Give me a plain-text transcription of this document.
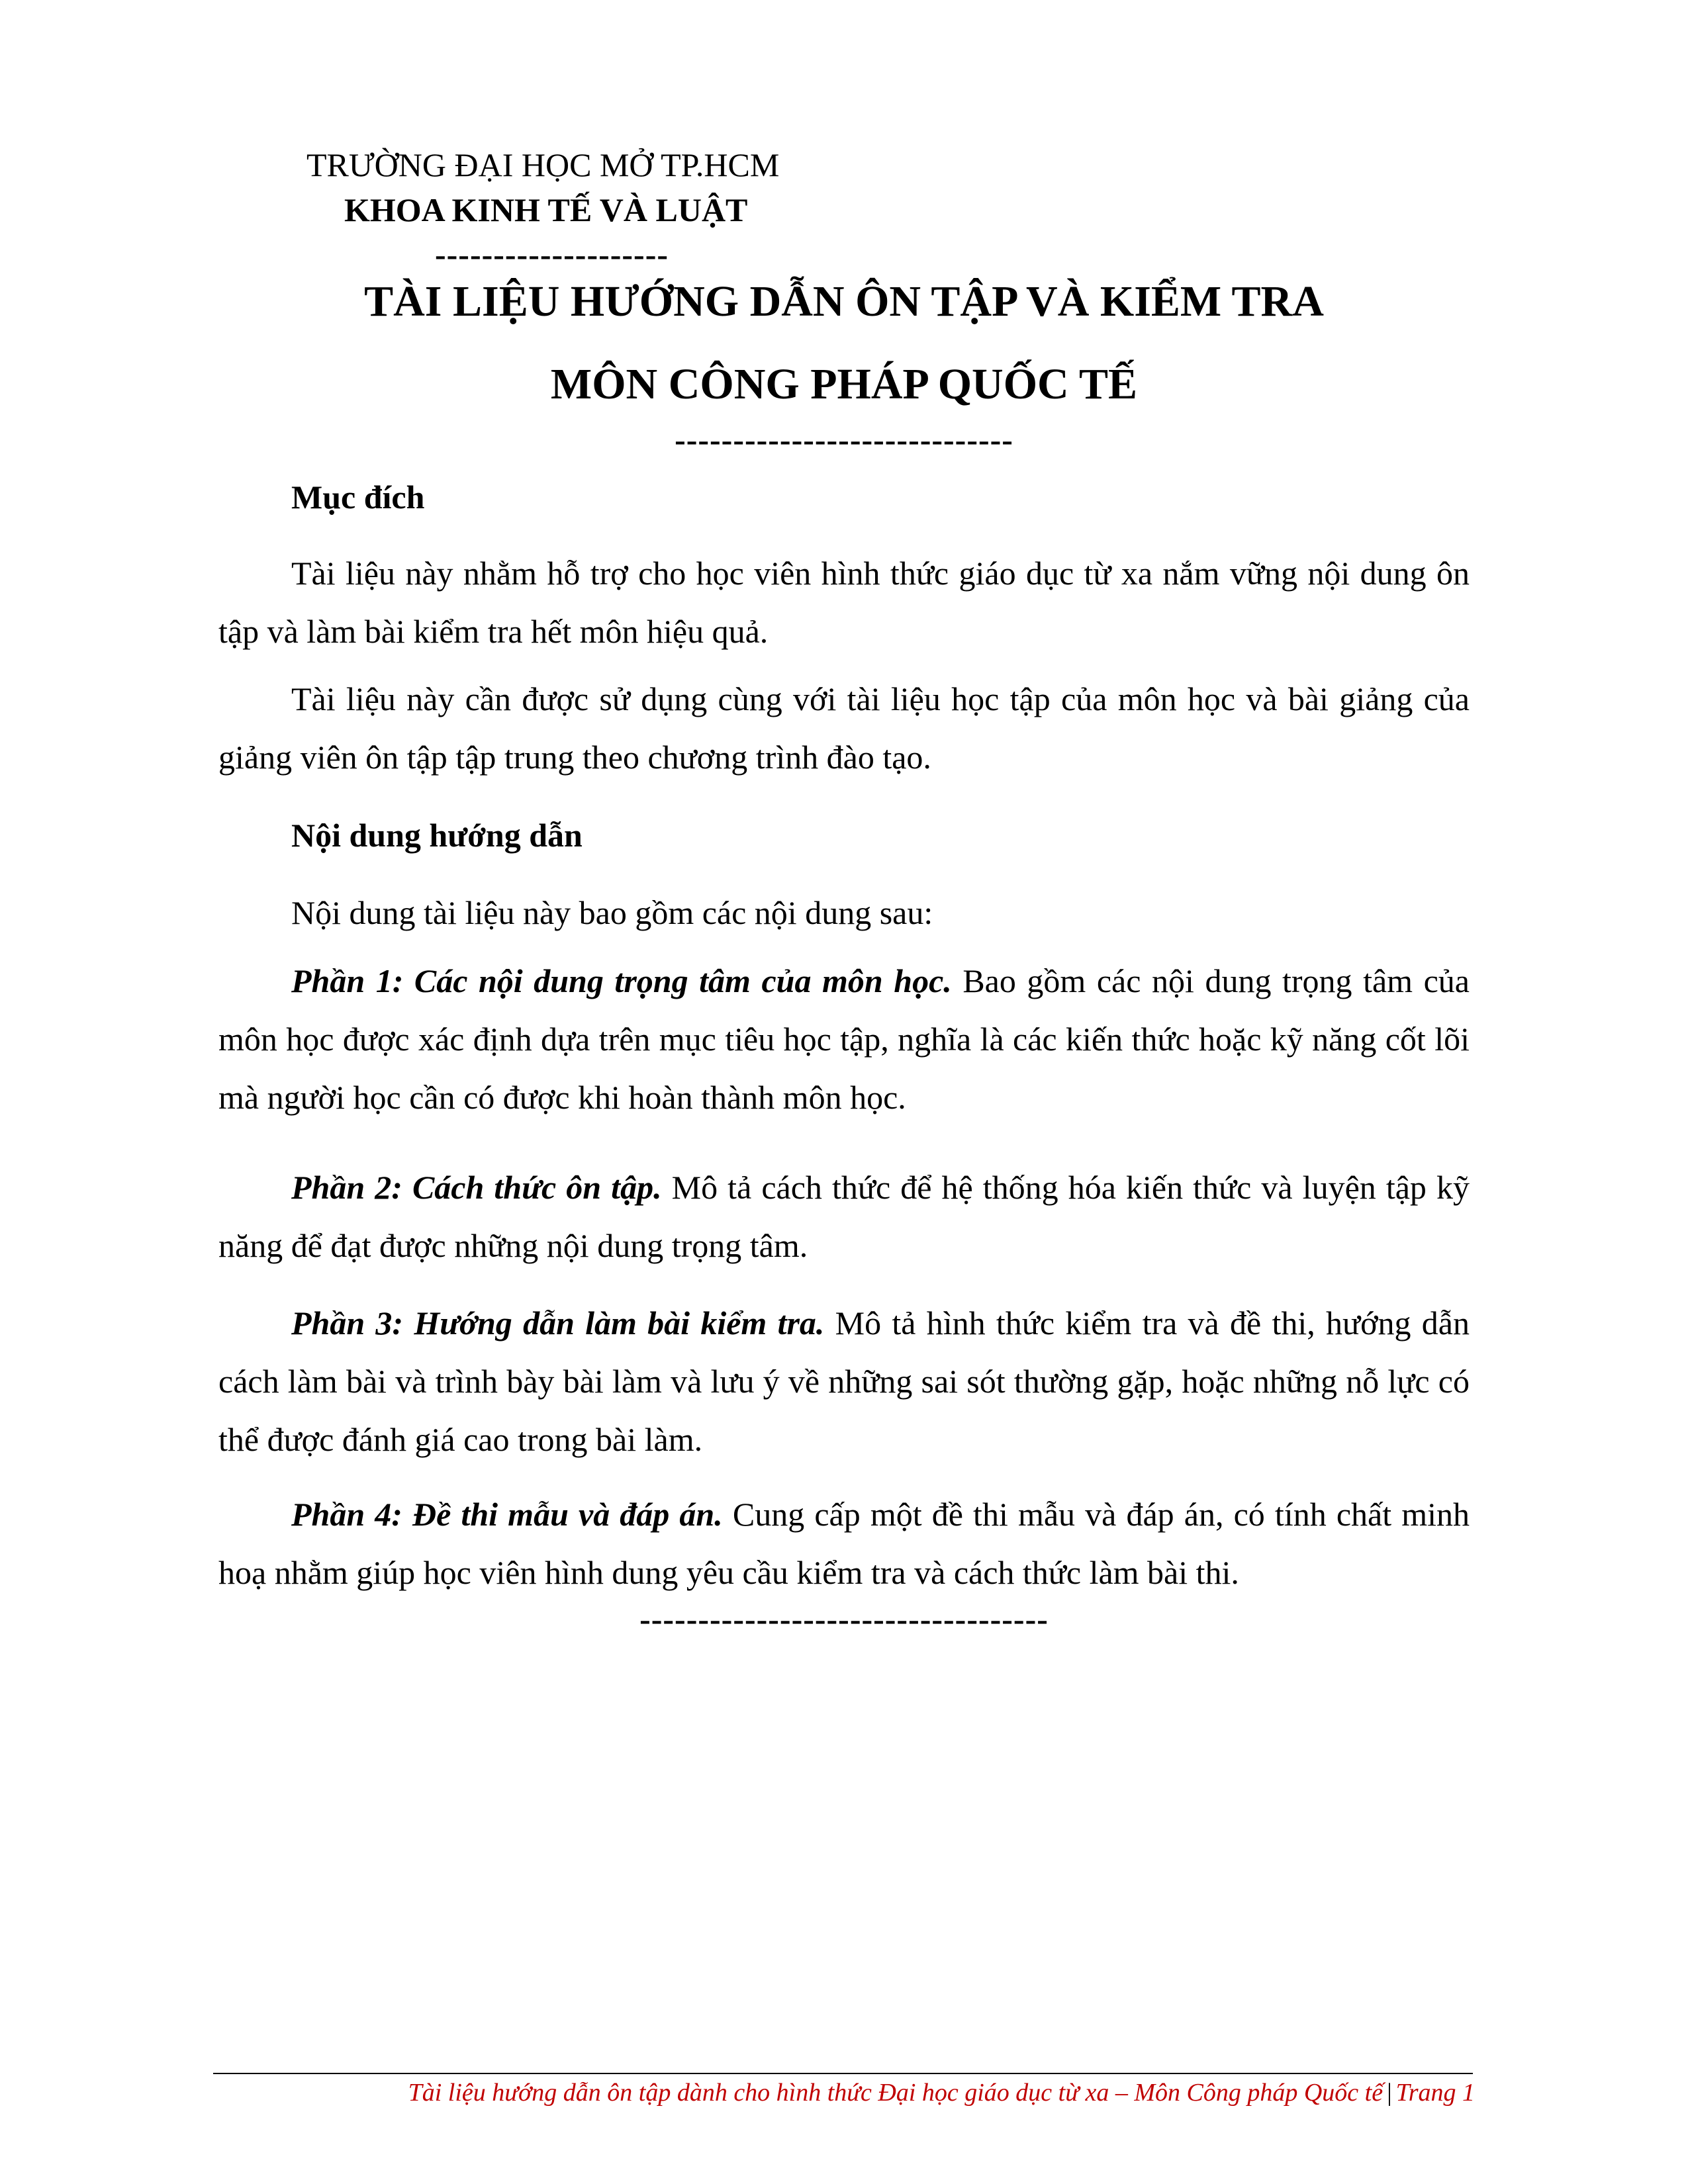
TRƯỜNG ĐẠI HỌC MỞ TP.HCM
KHOA KINH TẾ VÀ LUẬT
--------------------
TÀI LIỆU HƯỚNG DẪN ÔN TẬP VÀ KIỂM TRA
MÔN CÔNG PHÁP QUỐC TẾ
-----------------------------
Mục đích

Tài liệu này nhằm hỗ trợ cho học viên hình thức giáo dục từ xa nắm vững nội dung ôn tập và làm bài kiểm tra hết môn hiệu quả.

Tài liệu này cần được sử dụng cùng với tài liệu học tập của môn học và bài giảng của giảng viên ôn tập tập trung theo chương trình đào tạo.

Nội dung hướng dẫn

Nội dung tài liệu này bao gồm các nội dung sau:

Phần 1: Các nội dung trọng tâm của môn học. Bao gồm các nội dung trọng tâm của môn học được xác định dựa trên mục tiêu học tập, nghĩa là các kiến thức hoặc kỹ năng cốt lõi mà người học cần có được khi hoàn thành môn học.

Phần 2: Cách thức ôn tập. Mô tả cách thức để hệ thống hóa kiến thức và luyện tập kỹ năng để đạt được những nội dung trọng tâm.

Phần 3: Hướng dẫn làm bài kiểm tra. Mô tả hình thức kiểm tra và đề thi, hướng dẫn cách làm bài và trình bày bài làm và lưu ý về những sai sót thường gặp, hoặc những nỗ lực có thể được đánh giá cao trong bài làm.

Phần 4: Đề thi mẫu và đáp án. Cung cấp một đề thi mẫu và đáp án, có tính chất minh hoạ nhằm giúp học viên hình dung yêu cầu kiểm tra và cách thức làm bài thi.

-----------------------------------
Tài liệu hướng dẫn ôn tập dành cho hình thức Đại học giáo dục từ xa – Môn Công pháp Quốc tế | Trang 1
